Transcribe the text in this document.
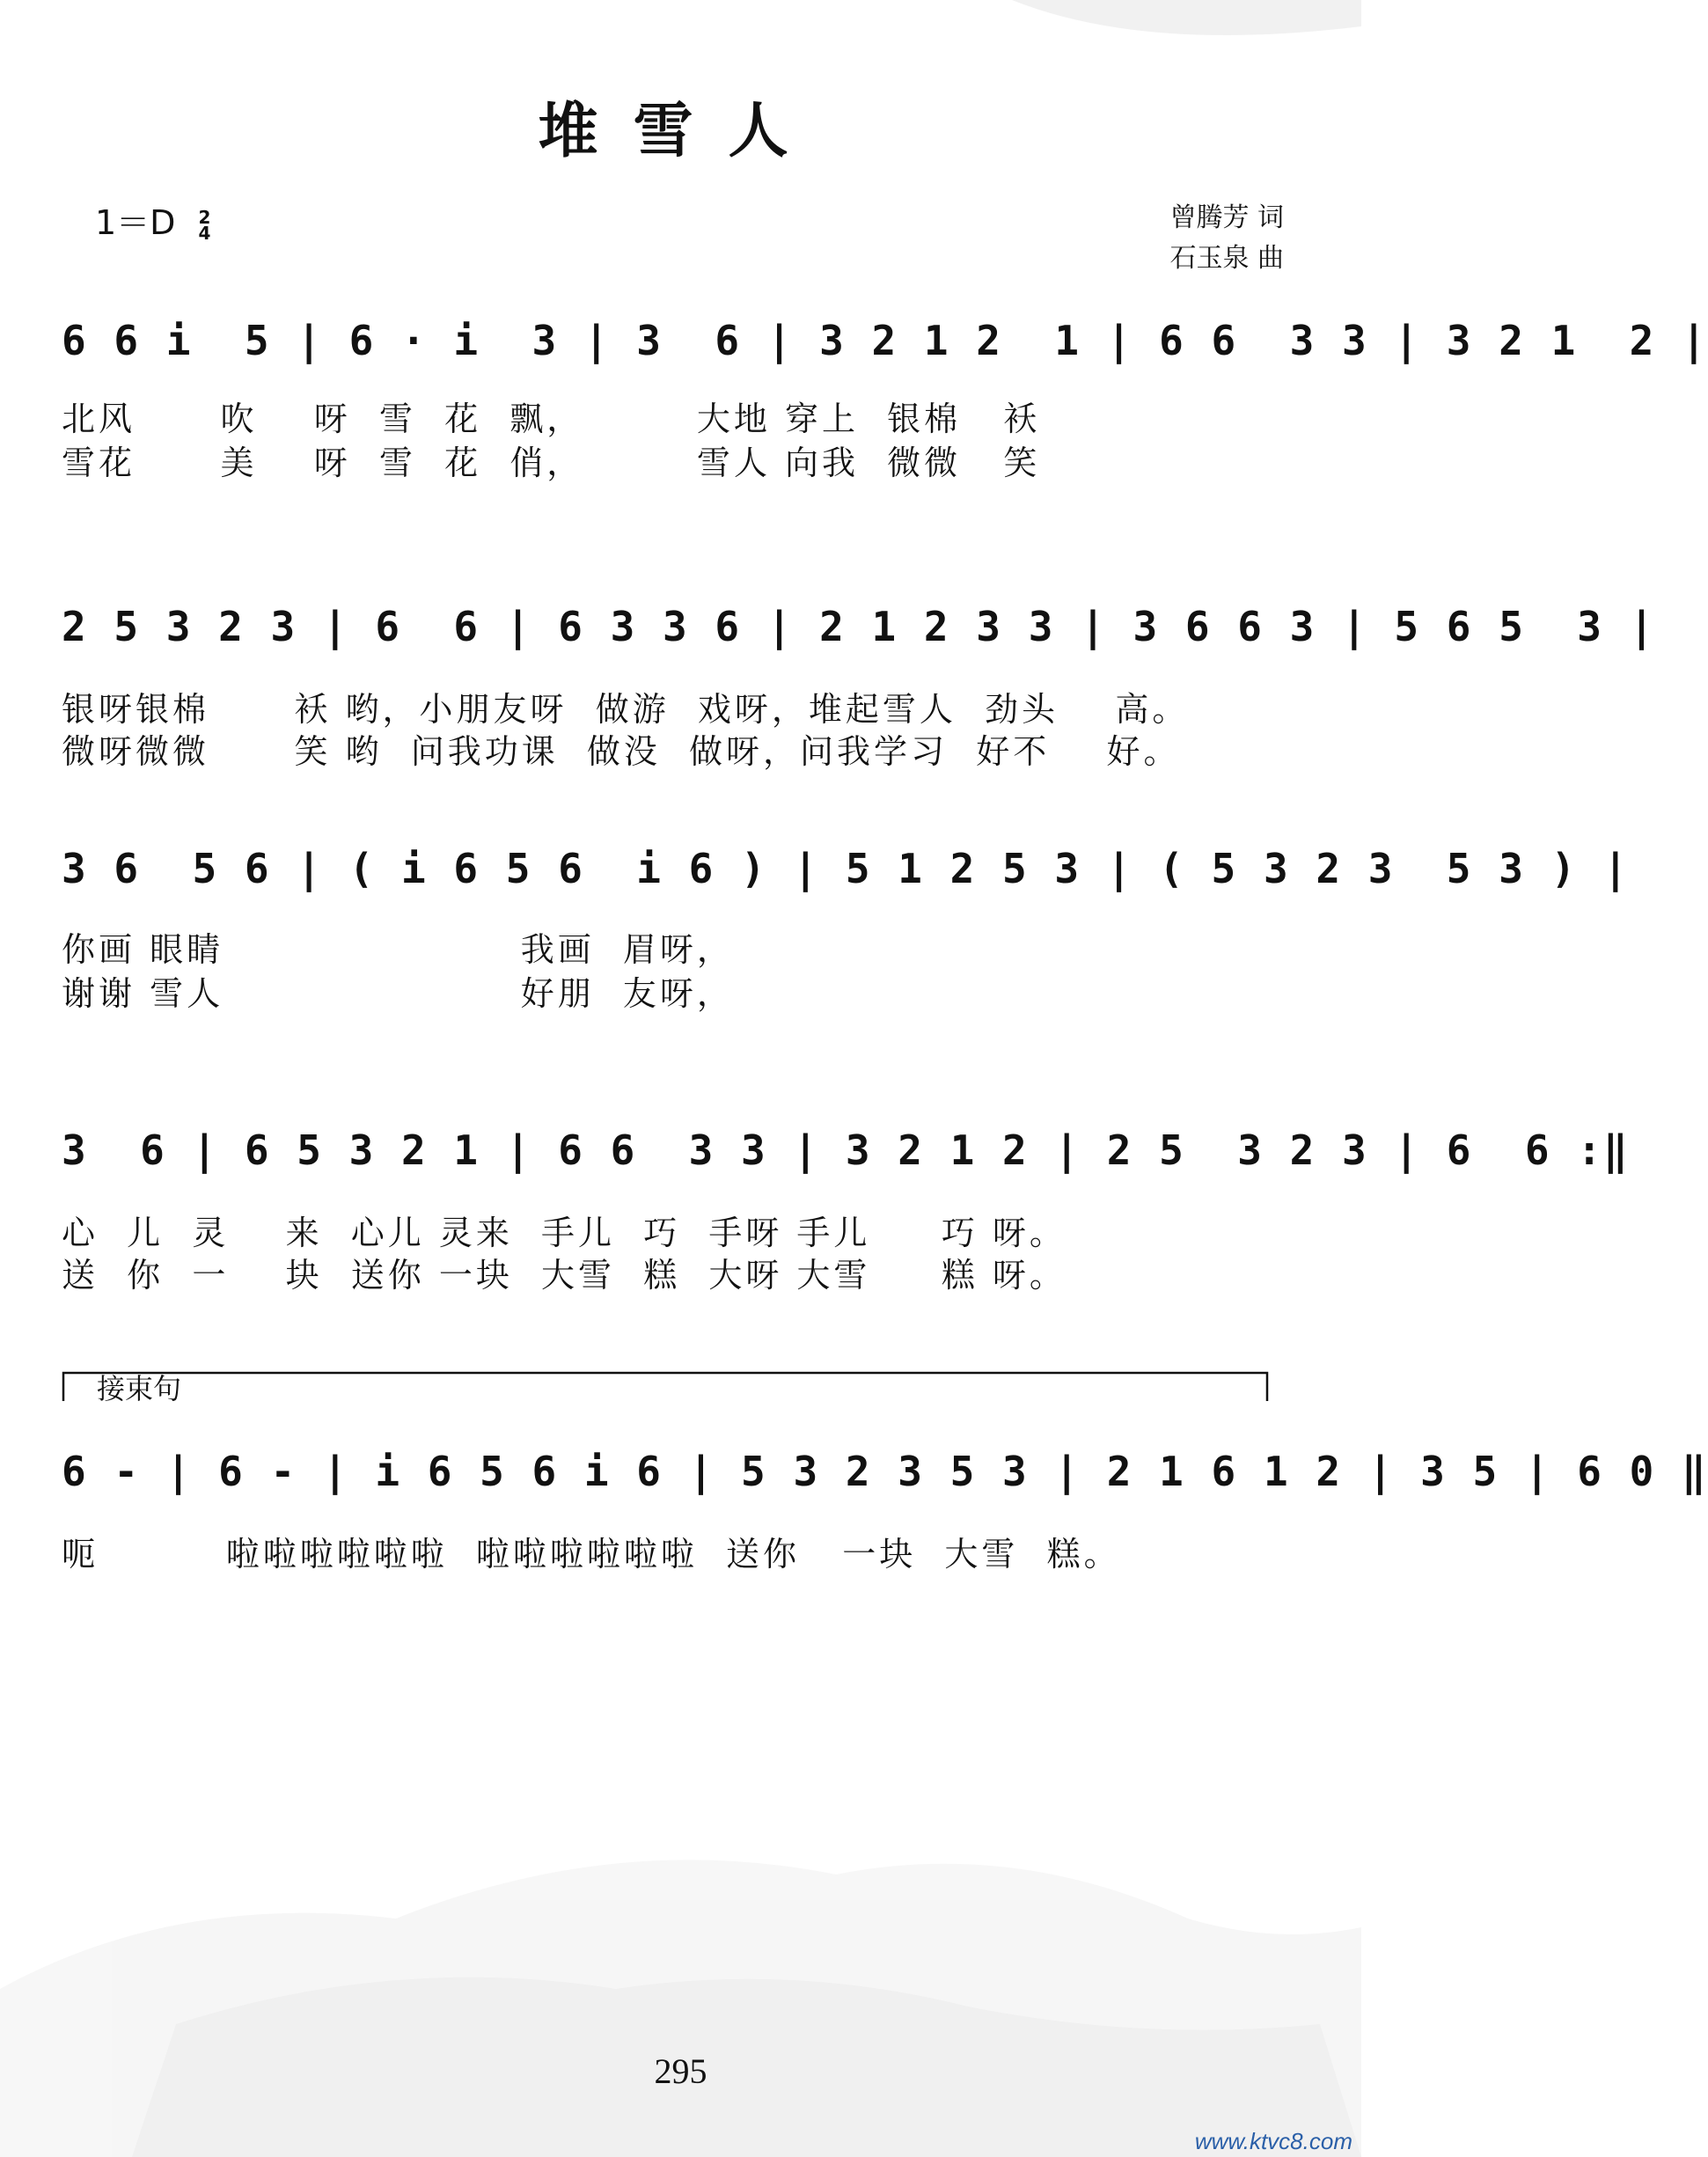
堆雪人
1＝D 2
4	曾腾芳 词
石玉泉 曲
6 6 i  5 | 6 · i  3 | 3  6 | 3 2 1 2  1 | 6 6  3 3 | 3 2 1  2 |
北风      吹    呀  雪  花  飘，        大地 穿上  银棉   袄
雪花      美    呀  雪  花  俏，        雪人 向我  微微   笑
2 5 3 2 3 | 6  6 | 6 3 3 6 | 2 1 2 3 3 | 3 6 6 3 | 5 6 5  3 |
银呀银棉      袄 哟，小朋友呀  做游  戏呀，堆起雪人  劲头    高。
微呀微微      笑 哟  问我功课  做没  做呀，问我学习  好不    好。
3 6  5 6 | ( i 6 5 6  i 6 ) | 5 1 2 5 3 | ( 5 3 2 3  5 3 ) |
你画 眼睛                     我画  眉呀，
谢谢 雪人                     好朋  友呀，
3  6 | 6 5 3 2 1 | 6 6  3 3 | 3 2 1 2 | 2 5  3 2 3 | 6  6 :‖
心  儿  灵    来  心儿 灵来  手儿  巧  手呀 手儿     巧 呀。
送  你  一    块  送你 一块  大雪  糕  大呀 大雪     糕 呀。
接束句
6 - | 6 - | i 6 5 6 i 6 | 5 3 2 3 5 3 | 2 1 6 1 2 | 3 5 | 6 0 ‖
呃         啦啦啦啦啦啦  啦啦啦啦啦啦  送你   一块  大雪  糕。
295
www.ktvc8.com
